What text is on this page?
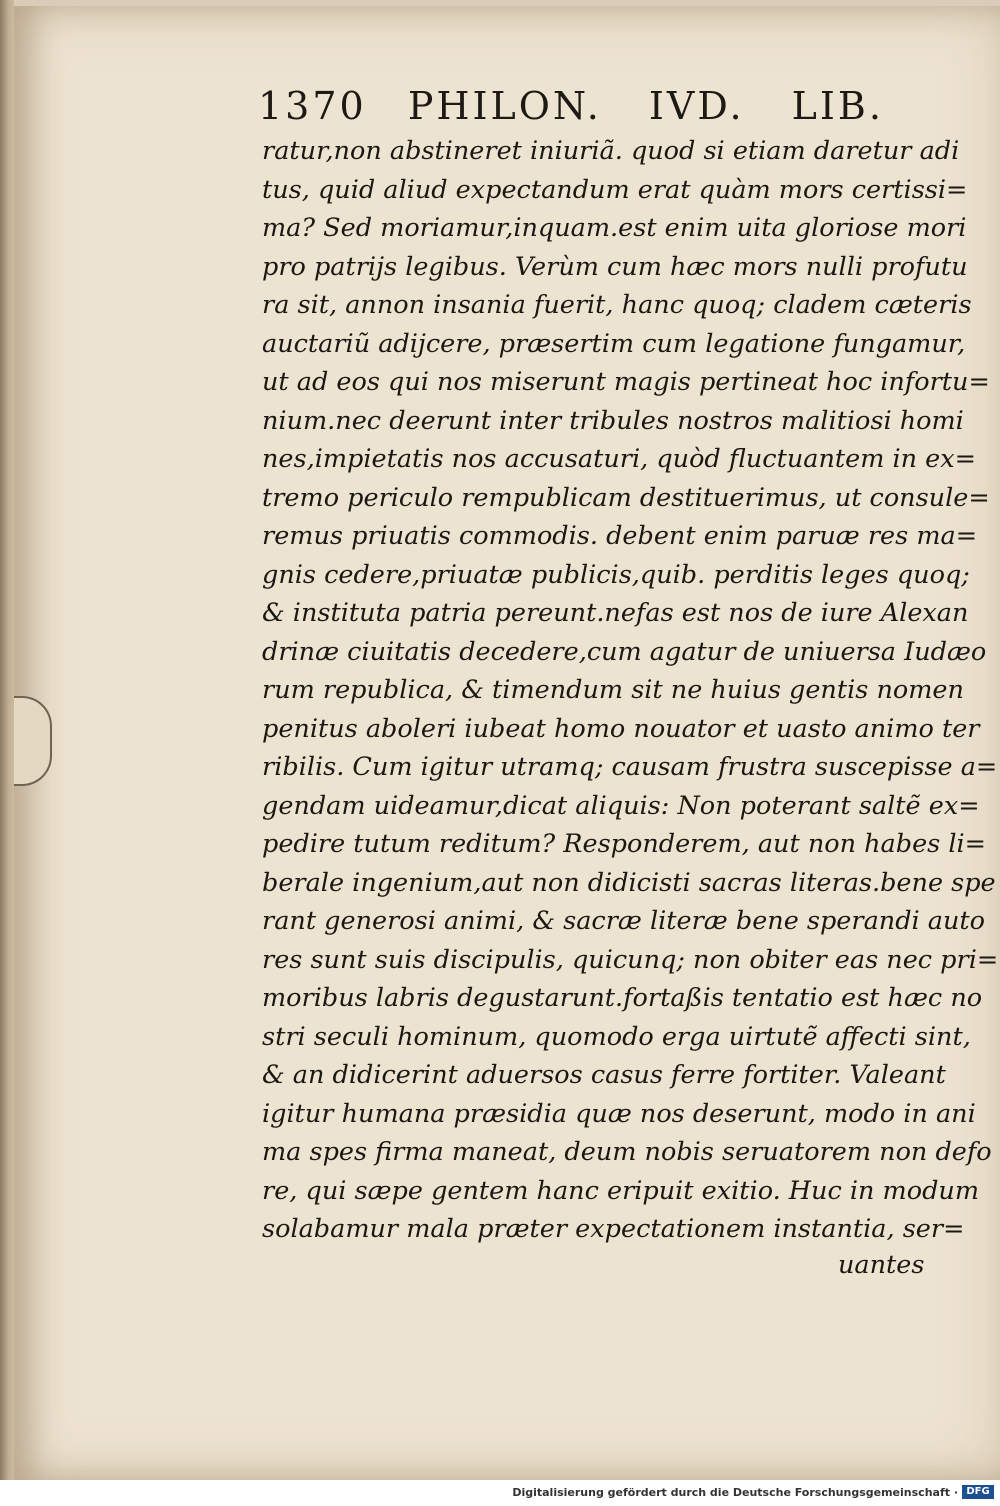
1370 PHILON. IVD. LIB.
ratur,non abstineret iniuriã. quod si etiam daretur adi
tus, quid aliud expectandum erat quàm mors certissi=
ma? Sed moriamur,inquam.est enim uita gloriose mori
pro patrijs legibus. Verùm cum hæc mors nulli profutu
ra sit, annon insania fuerit, hanc quoq; cladem cæteris
auctariũ adijcere, præsertim cum legatione fungamur,
ut ad eos qui nos miserunt magis pertineat hoc infortu=
nium.nec deerunt inter tribules nostros malitiosi homi
nes,impietatis nos accusaturi, quòd fluctuantem in ex=
tremo periculo rempublicam destituerimus, ut consule=
remus priuatis commodis. debent enim paruæ res ma=
gnis cedere,priuatæ publicis,quib. perditis leges quoq;
& instituta patria pereunt.nefas est nos de iure Alexan
drinæ ciuitatis decedere,cum agatur de uniuersa Iudæo
rum republica, & timendum sit ne huius gentis nomen
penitus aboleri iubeat homo nouator et uasto animo ter
ribilis. Cum igitur utramq; causam frustra suscepisse a=
gendam uideamur,dicat aliquis: Non poterant saltẽ ex=
pedire tutum reditum? Responderem, aut non habes li=
berale ingenium,aut non didicisti sacras literas.bene spe
rant generosi animi, & sacræ literæ bene sperandi auto
res sunt suis discipulis, quicunq; non obiter eas nec pri=
moribus labris degustarunt.fortaßis tentatio est hæc no
stri seculi hominum, quomodo erga uirtutẽ affecti sint,
& an didicerint aduersos casus ferre fortiter. Valeant
igitur humana præsidia quæ nos deserunt, modo in ani
ma spes firma maneat, deum nobis seruatorem non defo
re, qui sæpe gentem hanc eripuit exitio. Huc in modum
solabamur mala præter expectationem instantia, ser=
uantes
Digitalisierung gefördert durch die Deutsche Forschungsgemeinschaft · DFG
